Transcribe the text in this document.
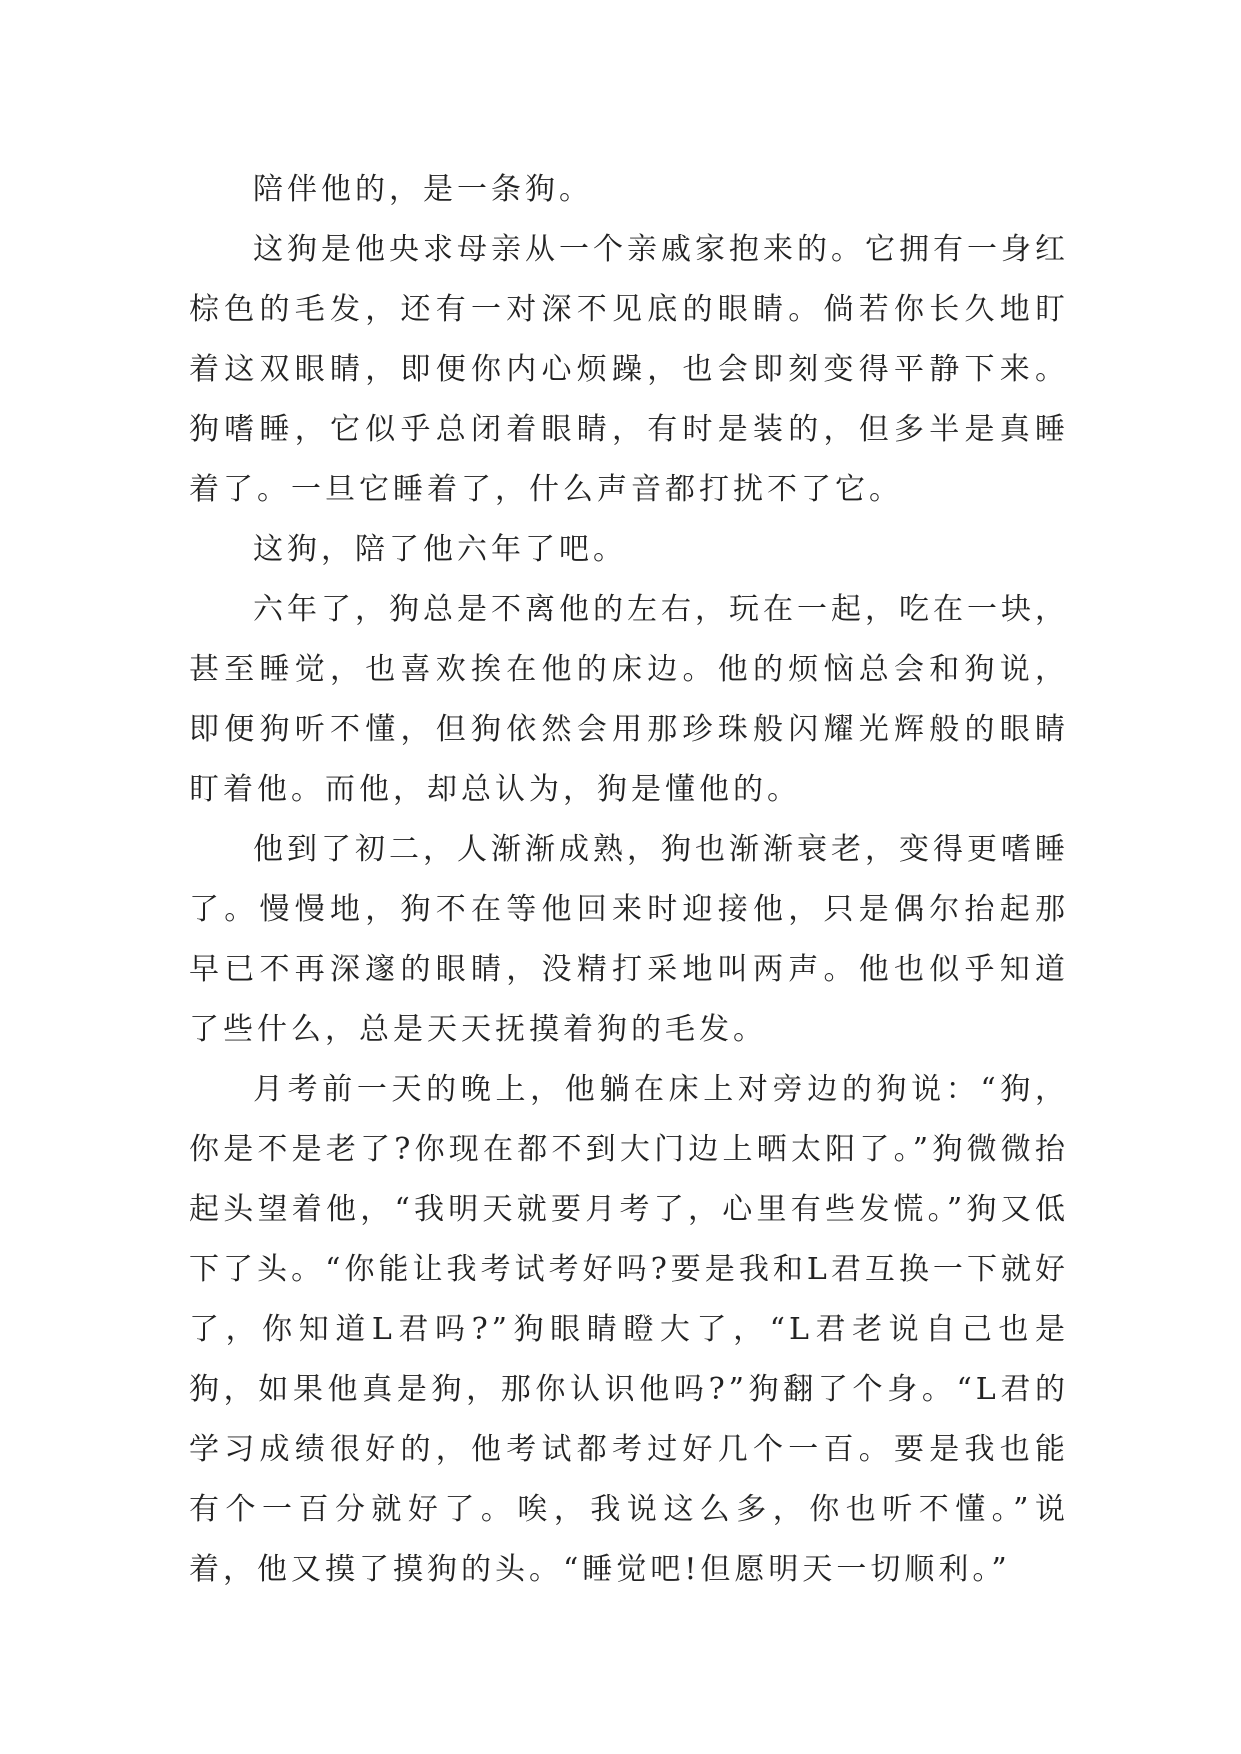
陪伴他的，是一条狗。

这狗是他央求母亲从一个亲戚家抱来的。它拥有一身红棕色的毛发，还有一对深不见底的眼睛。倘若你长久地盯着这双眼睛，即便你内心烦躁，也会即刻变得平静下来。狗嗜睡，它似乎总闭着眼睛，有时是装的，但多半是真睡着了。一旦它睡着了，什么声音都打扰不了它。

这狗，陪了他六年了吧。

六年了，狗总是不离他的左右，玩在一起，吃在一块，甚至睡觉，也喜欢挨在他的床边。他的烦恼总会和狗说，即便狗听不懂，但狗依然会用那珍珠般闪耀光辉般的眼睛盯着他。而他，却总认为，狗是懂他的。

他到了初二，人渐渐成熟，狗也渐渐衰老，变得更嗜睡了。慢慢地，狗不在等他回来时迎接他，只是偶尔抬起那早已不再深邃的眼睛，没精打采地叫两声。他也似乎知道了些什么，总是天天抚摸着狗的毛发。

月考前一天的晚上，他躺在床上对旁边的狗说：“狗，你是不是老了?你现在都不到大门边上晒太阳了。”狗微微抬起头望着他，“我明天就要月考了，心里有些发慌。”狗又低下了头。“你能让我考试考好吗?要是我和L君互换一下就好了，你知道L君吗?”狗眼睛瞪大了，“L君老说自己也是狗，如果他真是狗，那你认识他吗?”狗翻了个身。“L君的学习成绩很好的，他考试都考过好几个一百。要是我也能有个一百分就好了。唉，我说这么多，你也听不懂。”说着，他又摸了摸狗的头。“睡觉吧!但愿明天一切顺利。”
